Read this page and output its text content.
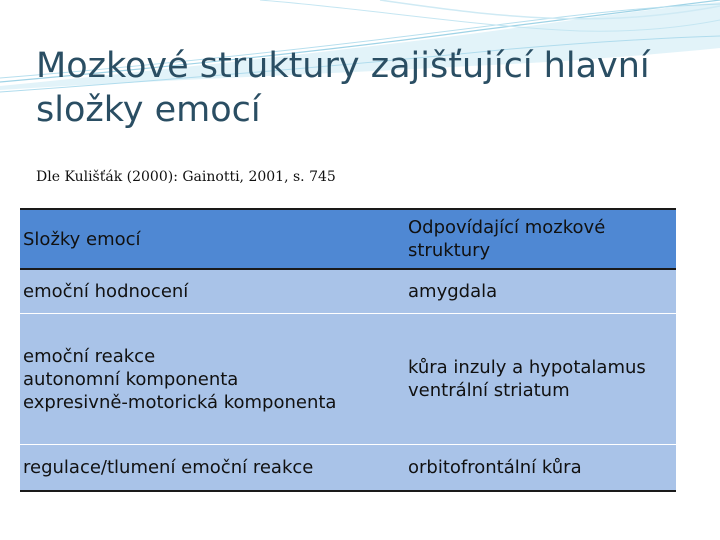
Mozkové struktury zajišťující hlavní
složky emocí
Dle Kulišťák (2000): Gainotti, 2001, s. 745
Složky emocí	Odpovídající mozkové
struktury

emoční hodnocení	amygdala

emoční reakce
autonomní komponenta
expresivně-motorická komponenta	kůra inzuly a hypotalamus
ventrální striatum

regulace/tlumení emoční reakce	orbitofrontální kůra
